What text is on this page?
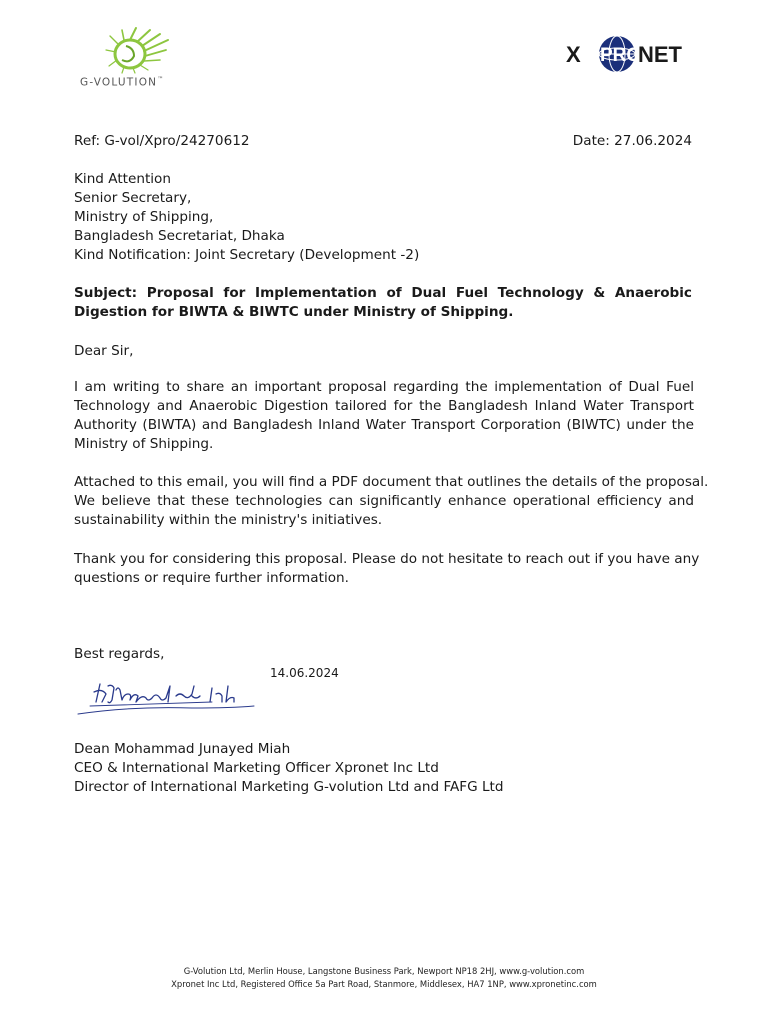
G-VOLUTION™
X PRO
NET
Ref: G-vol/Xpro/24270612	Date: 27.06.2024
Kind Attention
Senior Secretary,
Ministry of Shipping,
Bangladesh Secretariat, Dhaka
Kind Notification: Joint Secretary (Development -2)
Subject: Proposal for Implementation of Dual Fuel Technology & Anaerobic
Digestion for BIWTA & BIWTC under Ministry of Shipping.
Dear Sir,
I am writing to share an important proposal regarding the implementation of Dual Fuel
Technology and Anaerobic Digestion tailored for the Bangladesh Inland Water Transport
Authority (BIWTA) and Bangladesh Inland Water Transport Corporation (BIWTC) under the
Ministry of Shipping.
Attached to this email, you will find a PDF document that outlines the details of the proposal.
We believe that these technologies can significantly enhance operational efficiency and
sustainability within the ministry's initiatives.
Thank you for considering this proposal. Please do not hesitate to reach out if you have any
questions or require further information.
Best regards,
14.06.2024
Dean Mohammad Junayed Miah
CEO & International Marketing Officer Xpronet Inc Ltd
Director of International Marketing G-volution Ltd and FAFG Ltd
G-Volution Ltd, Merlin House, Langstone Business Park, Newport NP18 2HJ, www.g-volution.com
Xpronet Inc Ltd, Registered Office 5a Part Road, Stanmore, Middlesex, HA7 1NP, www.xpronetinc.com
